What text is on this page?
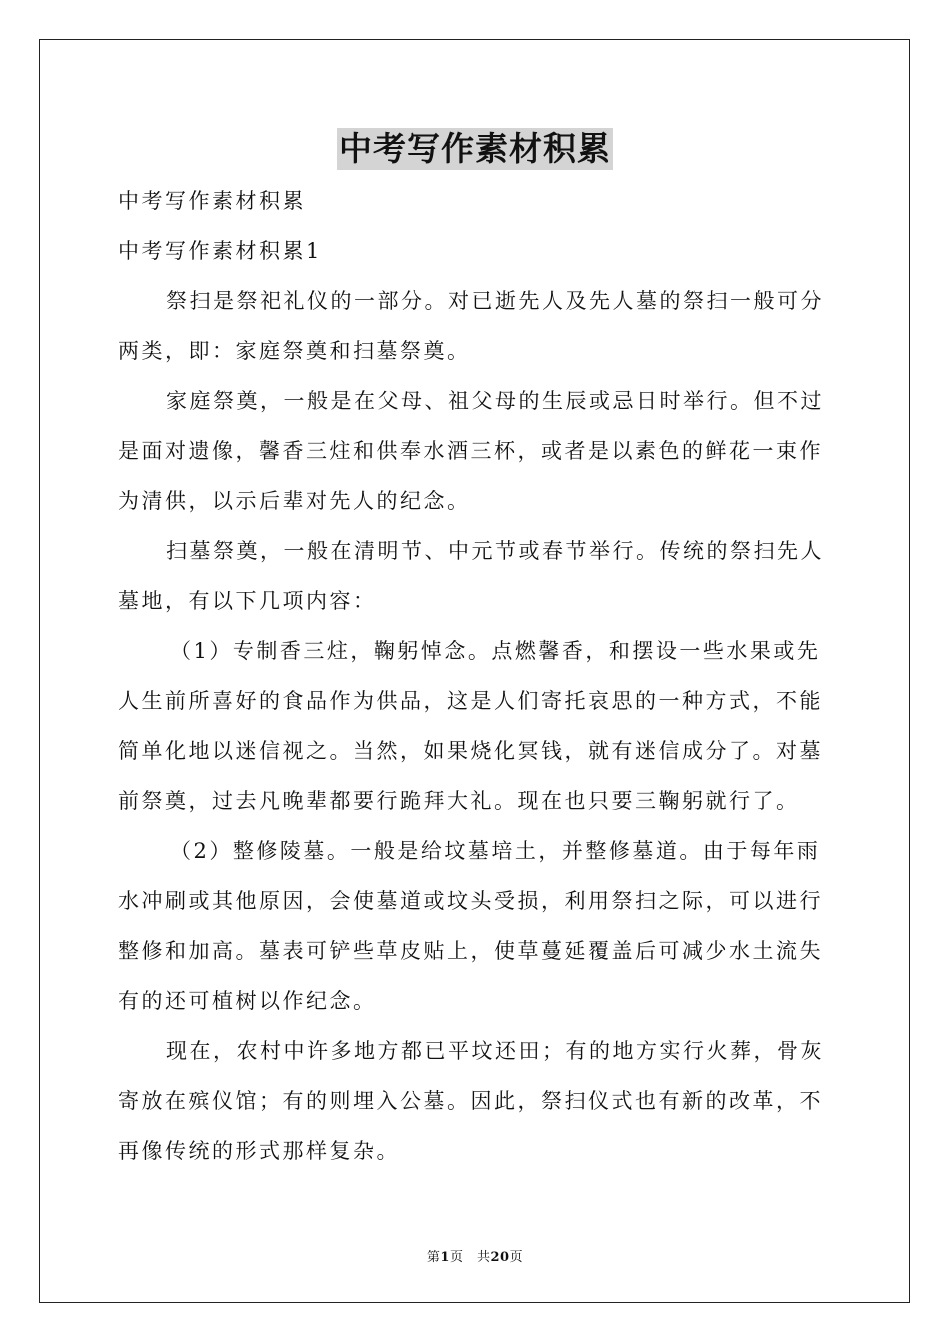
中考写作素材积累

中考写作素材积累

中考写作素材积累1

祭扫是祭祀礼仪的一部分。对已逝先人及先人墓的祭扫一般可分

两类，即：家庭祭奠和扫墓祭奠。

家庭祭奠，一般是在父母、祖父母的生辰或忌日时举行。但不过

是面对遗像，馨香三炷和供奉水酒三杯，或者是以素色的鲜花一束作

为清供，以示后辈对先人的纪念。

扫墓祭奠，一般在清明节、中元节或春节举行。传统的祭扫先人

墓地，有以下几项内容：

（1）专制香三炷，鞠躬悼念。点燃馨香，和摆设一些水果或先

人生前所喜好的食品作为供品，这是人们寄托哀思的一种方式，不能

简单化地以迷信视之。当然，如果烧化冥钱，就有迷信成分了。对墓

前祭奠，过去凡晚辈都要行跪拜大礼。现在也只要三鞠躬就行了。

（2）整修陵墓。一般是给坟墓培土，并整修墓道。由于每年雨

水冲刷或其他原因，会使墓道或坟头受损，利用祭扫之际，可以进行

整修和加高。墓表可铲些草皮贴上，使草蔓延覆盖后可减少水土流失

有的还可植树以作纪念。

现在，农村中许多地方都已平坟还田；有的地方实行火葬，骨灰

寄放在殡仪馆；有的则埋入公墓。因此，祭扫仪式也有新的改革，不

再像传统的形式那样复杂。

第1页　共20页
